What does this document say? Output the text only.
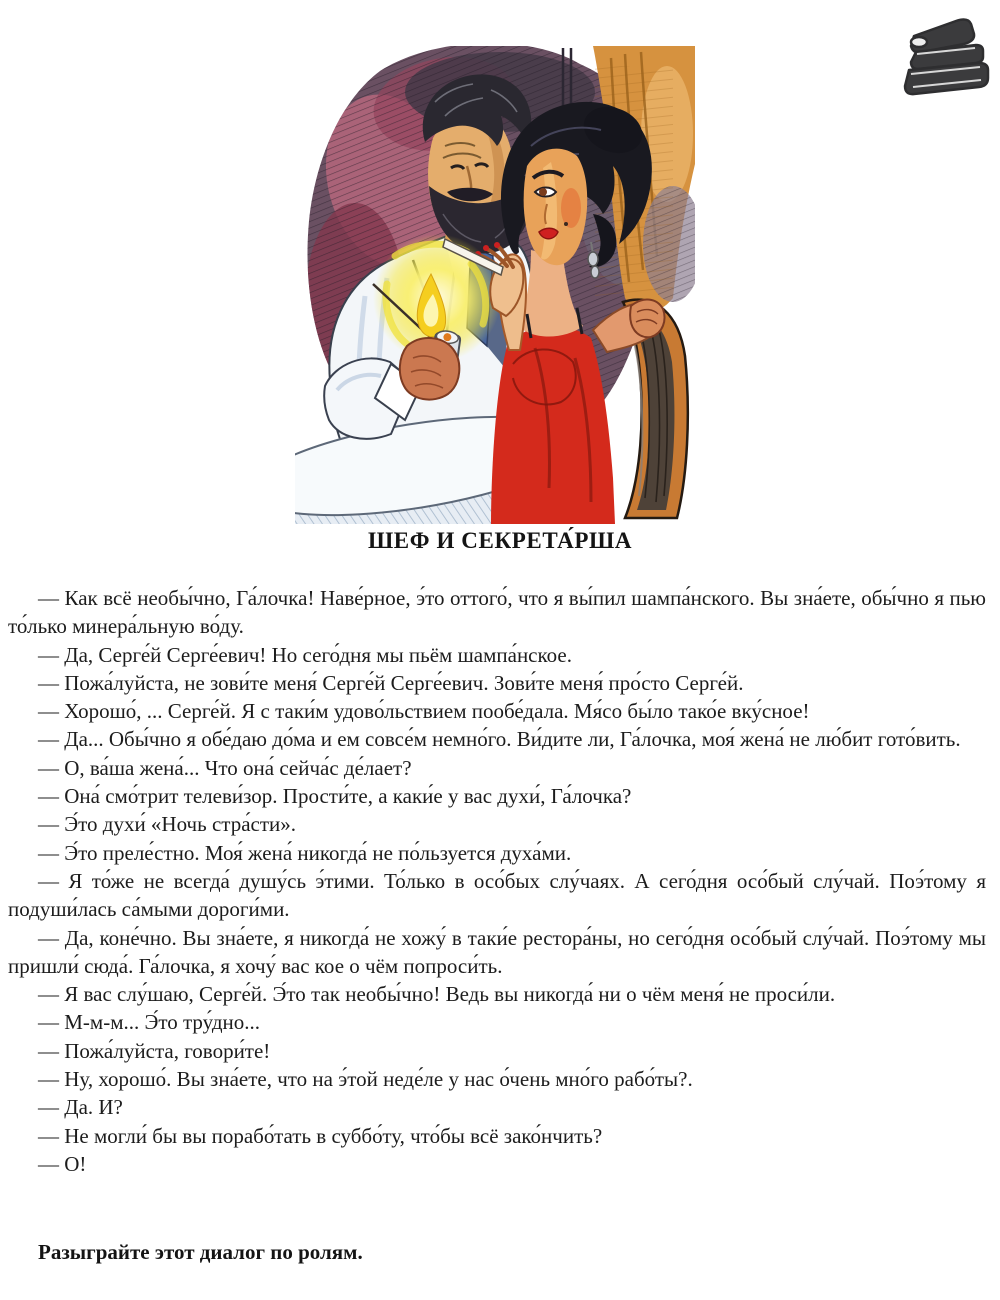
ШЕФ И СЕКРЕТА́РША

— Как всё необы́чно, Га́лочка! Наве́рное, э́то оттого́, что я вы́пил шампа́нского. Вы зна́ете, обы́чно я пью то́лько минера́льную во́ду.

— Да, Серге́й Серге́евич! Но сего́дня мы пьём шампа́нское.

— Пожа́луйста, не зови́те меня́ Серге́й Серге́евич. Зови́те меня́ про́сто Серге́й.

— Хорошо́, ... Серге́й. Я с таки́м удово́льствием пообе́дала. Мя́со бы́ло тако́е вку́сное!

— Да... Обы́чно я обе́даю до́ма и ем совсе́м немно́го. Ви́дите ли, Га́лочка, моя́ жена́ не лю́бит гото́вить.

— О, ва́ша жена́... Что она́ сейча́с де́лает?

— Она́ смо́трит телеви́зор. Прости́те, а каки́е у вас духи́, Га́лочка?

— Э́то духи́ «Ночь стра́сти».

— Э́то преле́стно. Моя́ жена́ никогда́ не по́льзуется духа́ми.

— Я то́же не всегда́ душу́сь э́тими. То́лько в осо́бых слу́чаях. А сего́дня осо́бый слу́чай. Поэ́тому я подуши́лась са́мыми дороги́ми.

— Да, коне́чно. Вы зна́ете, я никогда́ не хожу́ в таки́е рестора́ны, но сего́дня осо́бый слу́чай. Поэ́тому мы пришли́ сюда́. Га́лочка, я хочу́ вас кое о чём попроси́ть.

— Я вас слу́шаю, Серге́й. Э́то так необы́чно! Ведь вы никогда́ ни о чём меня́ не проси́ли.

— М-м-м... Э́то тру́дно...

— Пожа́луйста, говори́те!

— Ну, хорошо́. Вы зна́ете, что на э́той неде́ле у нас о́чень мно́го рабо́ты?.

— Да. И?

— Не могли́ бы вы порабо́тать в суббо́ту, что́бы всё зако́нчить?

— О!

Разыграйте этот диалог по ролям.
